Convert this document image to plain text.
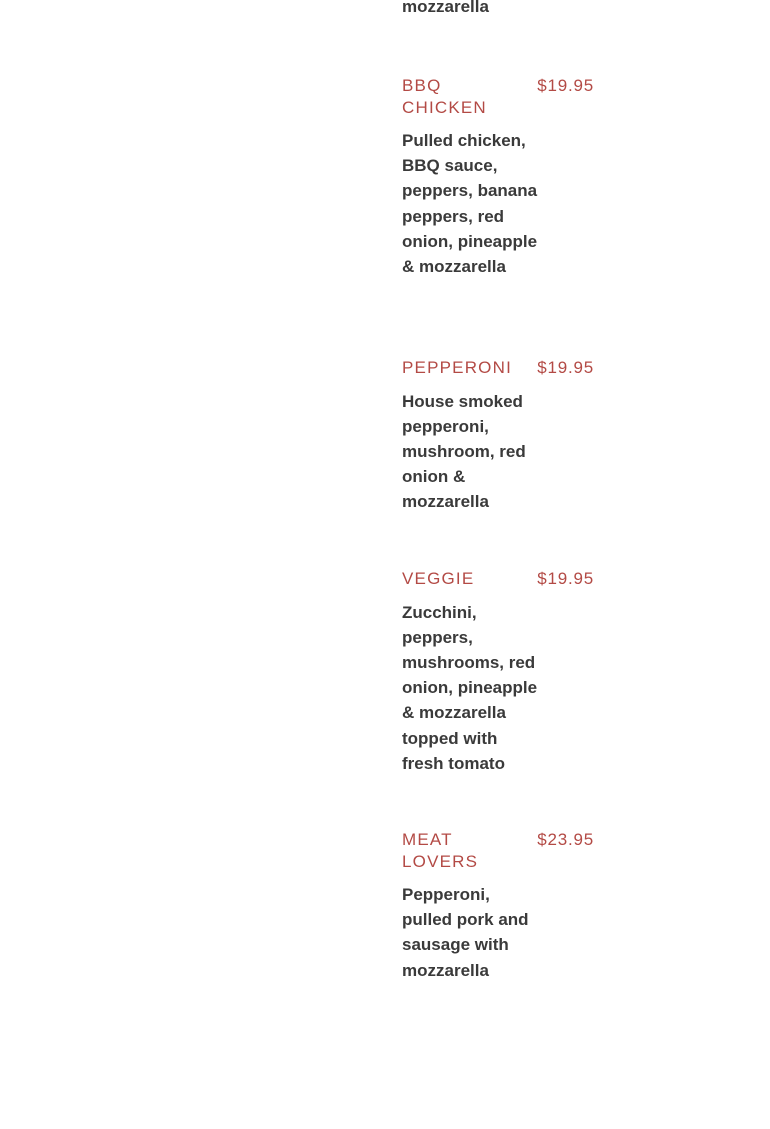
mozzarella
BBQ CHICKEN
$19.95
Pulled chicken, BBQ sauce, peppers, banana peppers, red onion, pineapple & mozzarella
PEPPERONI $19.95
House smoked pepperoni, mushroom, red onion & mozzarella
VEGGIE	$19.95
Zucchini, peppers, mushrooms, red onion, pineapple & mozzarella topped with fresh tomato
MEAT LOVERS
$23.95
Pepperoni, pulled pork and sausage with mozzarella
